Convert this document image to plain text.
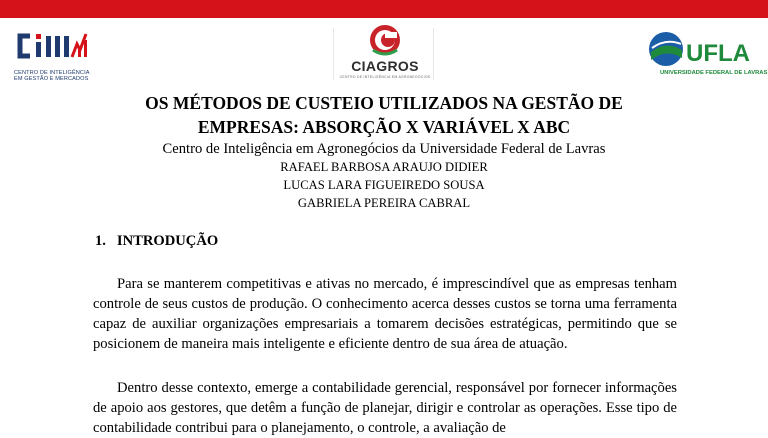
CENTRO DE INTELIGÊNCIA
EM GESTÃO E MERCADOS
CIAGROS
CENTRO DE INTELIGÊNCIA EM AGRONEGÓCIOS
UFLA
UNIVERSIDADE FEDERAL DE LAVRAS
OS MÉTODOS DE CUSTEIO UTILIZADOS NA GESTÃO DE
EMPRESAS: ABSORÇÃO X VARIÁVEL X ABC
Centro de Inteligência em Agronegócios da Universidade Federal de Lavras
RAFAEL BARBOSA ARAUJO DIDIER
LUCAS LARA FIGUEIREDO SOUSA
GABRIELA PEREIRA CABRAL
1.   INTRODUÇÃO
Para se manterem competitivas e ativas no mercado, é imprescindível que as empresas tenham controle de seus custos de produção. O conhecimento acerca desses custos se torna uma ferramenta capaz de auxiliar organizações empresariais a tomarem decisões estratégicas, permitindo que se posicionem de maneira mais inteligente e eficiente dentro de sua área de atuação.
Dentro desse contexto, emerge a contabilidade gerencial, responsável por fornecer informações de apoio aos gestores, que detêm a função de planejar, dirigir e controlar as operações. Esse tipo de contabilidade contribui para o planejamento, o controle, a avaliação de
